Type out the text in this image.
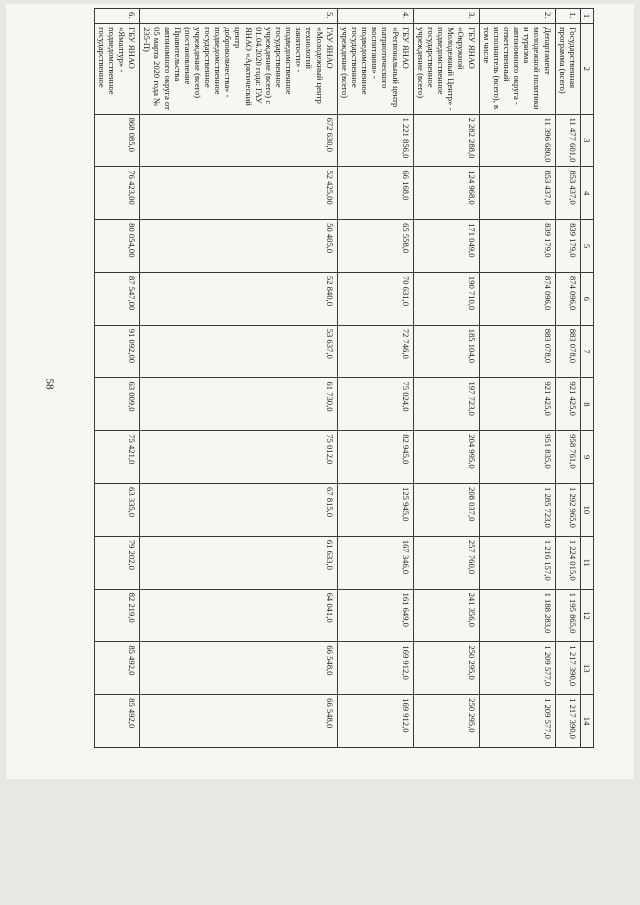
58
1	2	3	4	5	6	7	8	9	10	11	12	13	14
1.	Государственная программа (всего)	11 477 601,0	853 437,0	839 179,0	874 096,0	883 078,0	921 425,0	958 761,0	1 292 965,0	1 224 015,0	1 195 865,0	1 217 390,0	1 217 390,0
2.	Департамент молодежной политики и туризма автономного округа - ответственный исполнитель (всего), в том числе	11 396 680,0	853 437,0	839 179,0	874 096,0	883 078,0	921 425,0	951 835,0	1 285 723,0	1 216 157,0	1 188 283,0	1 209 577,0	1 209 577,0
3.	ГБУ ЯНАО «Окружной Молодежный Центр» - подведомственное государственное учреждение (всего)	2 282 288,0	124 968,0	171 049,0	190 710,0	185 104,0	197 723,0	204 995,0	208 037,0	257 760,0	241 356,0	250 295,0	250 295,0
4.	ГБУ ЯНАО «Региональный центр патриотического воспитания» - подведомственное государственное учреждение (всего)	1 221 856,0	66 168,0	65 558,0	70 631,0	72 746,0	75 024,0	82 945,0	125 945,0	167 346,0	161 649,0	169 912,0	169 912,0
5.	ГАУ ЯНАО «Молодежный центр технологий занятости» - подведомственное государственное учреждение (всего) с 01.04.2020 года: ГАУ ЯНАО «Арктический центр добровольчества» - подведомственное государственное учреждение (всего) (постановление Правительства автономного округа от 05 марта 2020 года № 235-П)	672 630,0	52 425,00	50 405,0	52 840,0	53 637,0	61 730,0	75 012,0	67 815,0	61 633,0	64 041,0	66 548,0	66 548,0
6.	ГБУ ЯНАО «Ямалтур» - подведомственное государственное	868 085,0	76 423,00	80 054,00	87 547,00	91 092,00	63 009,0	75 421,0	63 335,0	79 202,0	82 219,0	85 492,0	85 492,0
